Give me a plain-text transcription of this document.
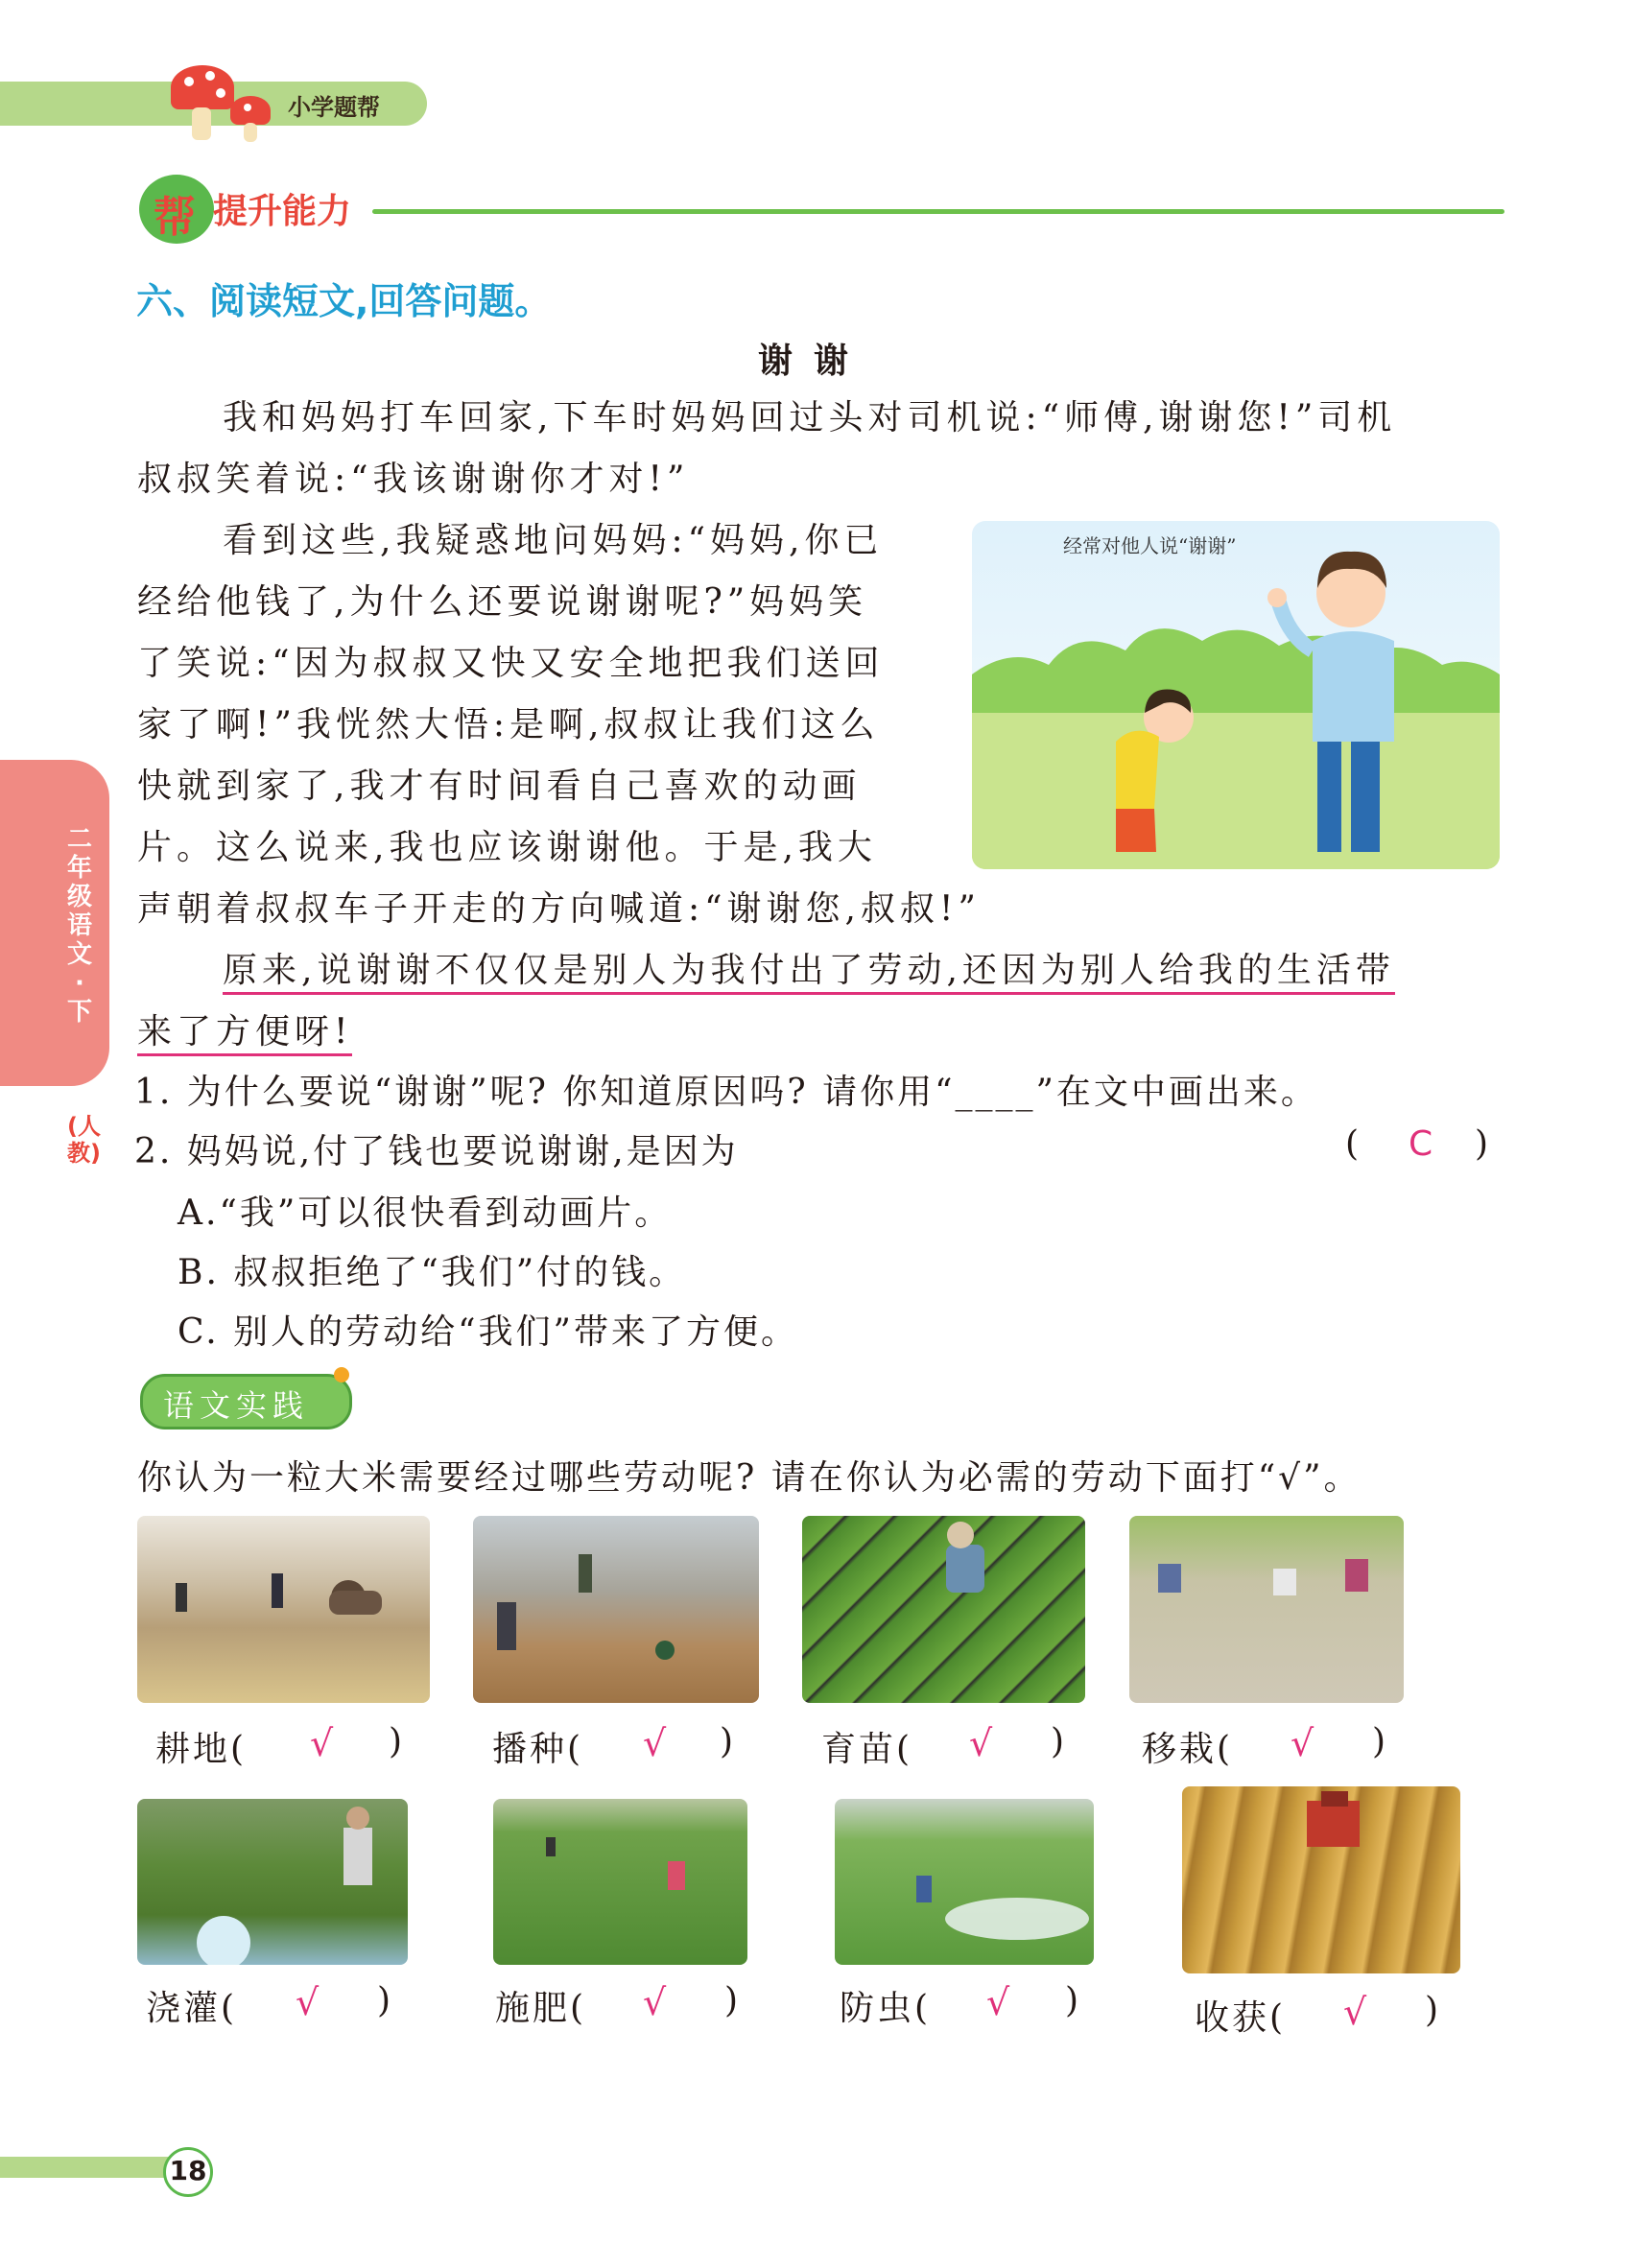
小学题帮
帮 提升能力
六、阅读短文,回答问题。
谢谢
我和妈妈打车回家,下车时妈妈回过头对司机说:“师傅,谢谢您!”司机
叔叔笑着说:“我该谢谢你才对!”
看到这些,我疑惑地问妈妈:“妈妈,你已
经给他钱了,为什么还要说谢谢呢?”妈妈笑
了笑说:“因为叔叔又快又安全地把我们送回
家了啊!”我恍然大悟:是啊,叔叔让我们这么
快就到家了,我才有时间看自己喜欢的动画
片。这么说来,我也应该谢谢他。于是,我大
声朝着叔叔车子开走的方向喊道:“谢谢您,叔叔!”
原来,说谢谢不仅仅是别人为我付出了劳动,还因为别人给我的生活带
来了方便呀!
经常对他人说“谢谢”
二年级语文·下
(人教)
1. 为什么要说“谢谢”呢? 你知道原因吗? 请你用“____”在文中画出来。
2. 妈妈说,付了钱也要说谢谢,是因为	( C )
A.“我”可以很快看到动画片。
B. 叔叔拒绝了“我们”付的钱。
C. 别人的劳动给“我们”带来了方便。
语文实践
你认为一粒大米需要经过哪些劳动呢? 请在你认为必需的劳动下面打“√”。
耕地( √ )	播种( √ ) 育苗( √ ) 移栽( √ )
浇灌( √ )	施肥( √ )	防虫( √ )	收获( √ )
18
